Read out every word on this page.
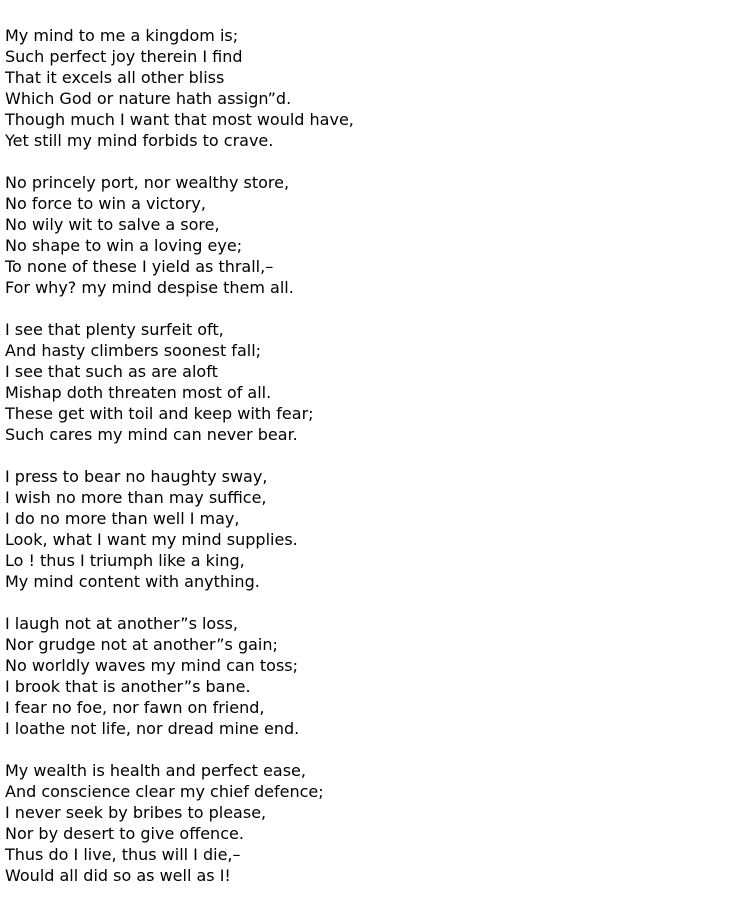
My mind to me a kingdom is;
Such perfect joy therein I find
That it excels all other bliss
Which God or nature hath assign”d.
Though much I want that most would have,
Yet still my mind forbids to crave.
No princely port, nor wealthy store,
No force to win a victory,
No wily wit to salve a sore,
No shape to win a loving eye;
To none of these I yield as thrall,–
For why? my mind despise them all.
I see that plenty surfeit oft,
And hasty climbers soonest fall;
I see that such as are aloft
Mishap doth threaten most of all.
These get with toil and keep with fear;
Such cares my mind can never bear.
I press to bear no haughty sway,
I wish no more than may suffice,
I do no more than well I may,
Look, what I want my mind supplies.
Lo ! thus I triumph like a king,
My mind content with anything.
I laugh not at another”s loss,
Nor grudge not at another”s gain;
No worldly waves my mind can toss;
I brook that is another”s bane.
I fear no foe, nor fawn on friend,
I loathe not life, nor dread mine end.
My wealth is health and perfect ease,
And conscience clear my chief defence;
I never seek by bribes to please,
Nor by desert to give offence.
Thus do I live, thus will I die,–
Would all did so as well as I!
